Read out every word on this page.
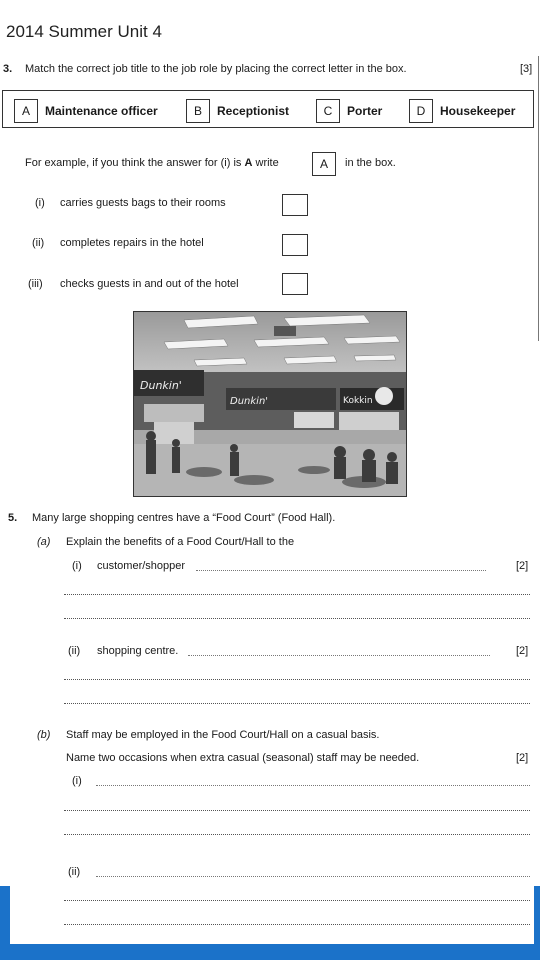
2014 Summer Unit 4
3. Match the correct job title to the job role by placing the correct letter in the box.	[3]
A	Maintenance officer	B	Receptionist	C	Porter	D	Housekeeper
For example, if you think the answer for (i) is A write	A	in the box.
(i) carries guests bags to their rooms
(ii) completes repairs in the hotel
(iii) checks guests in and out of the hotel
Dunkin'
Dunkin'	Kokkin
5. Many large shopping centres have a “Food Court” (Food Hall).
(a) Explain the benefits of a Food Court/Hall to the
(i) customer/shopper	[2]
(ii) shopping centre.	[2]
(b) Staff may be employed in the Food Court/Hall on a casual basis.
Name two occasions when extra casual (seasonal) staff may be needed.	[2]
(i)
(ii)
